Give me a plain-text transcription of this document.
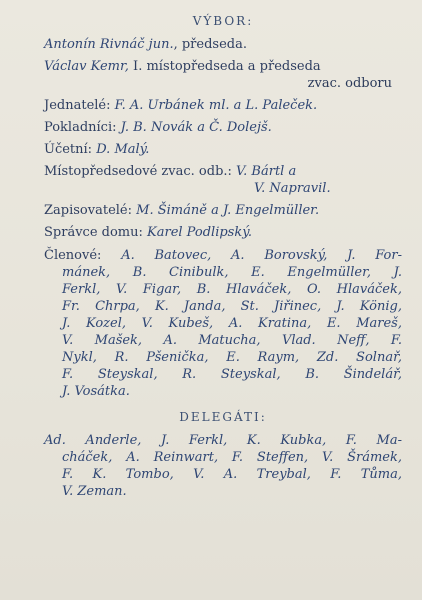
VÝBOR:
Antonín Rivnáč jun., předseda.
Václav Kemr, I. místopředseda a předseda
zvac. odboru
Jednatelé: F. A. Urbánek ml. a L. Paleček.
Pokladníci: J. B. Novák a Č. Dolejš.
Účetní: D. Malý.
Místopředsedové zvac. odb.: V. Bártl a
V. Napravil.
Zapisovatelé: M. Šimáně a J. Engelmüller.
Správce domu: Karel Podlipský.
Členové: A. Batovec, A. Borovský, J. For-
mánek, B. Cinibulk, E. Engelmüller, J.
Ferkl, V. Figar, B. Hlaváček, O. Hlaváček,
Fr. Chrpa, K. Janda, St. Jiřinec, J. König,
J. Kozel, V. Kubeš, A. Kratina, E. Mareš,
V. Mašek, A. Matucha, Vlad. Neff, F.
Nykl, R. Pšenička, E. Raym, Zd. Solnař,
F. Steyskal, R. Steyskal, B. Šindelář,
J. Vosátka.
DELEGÁTI:
Ad. Anderle, J. Ferkl, K. Kubka, F. Ma-
cháček, A. Reinwart, F. Steffen, V. Šrámek,
F. K. Tombo, V. A. Treybal, F. Tůma,
V. Zeman.
